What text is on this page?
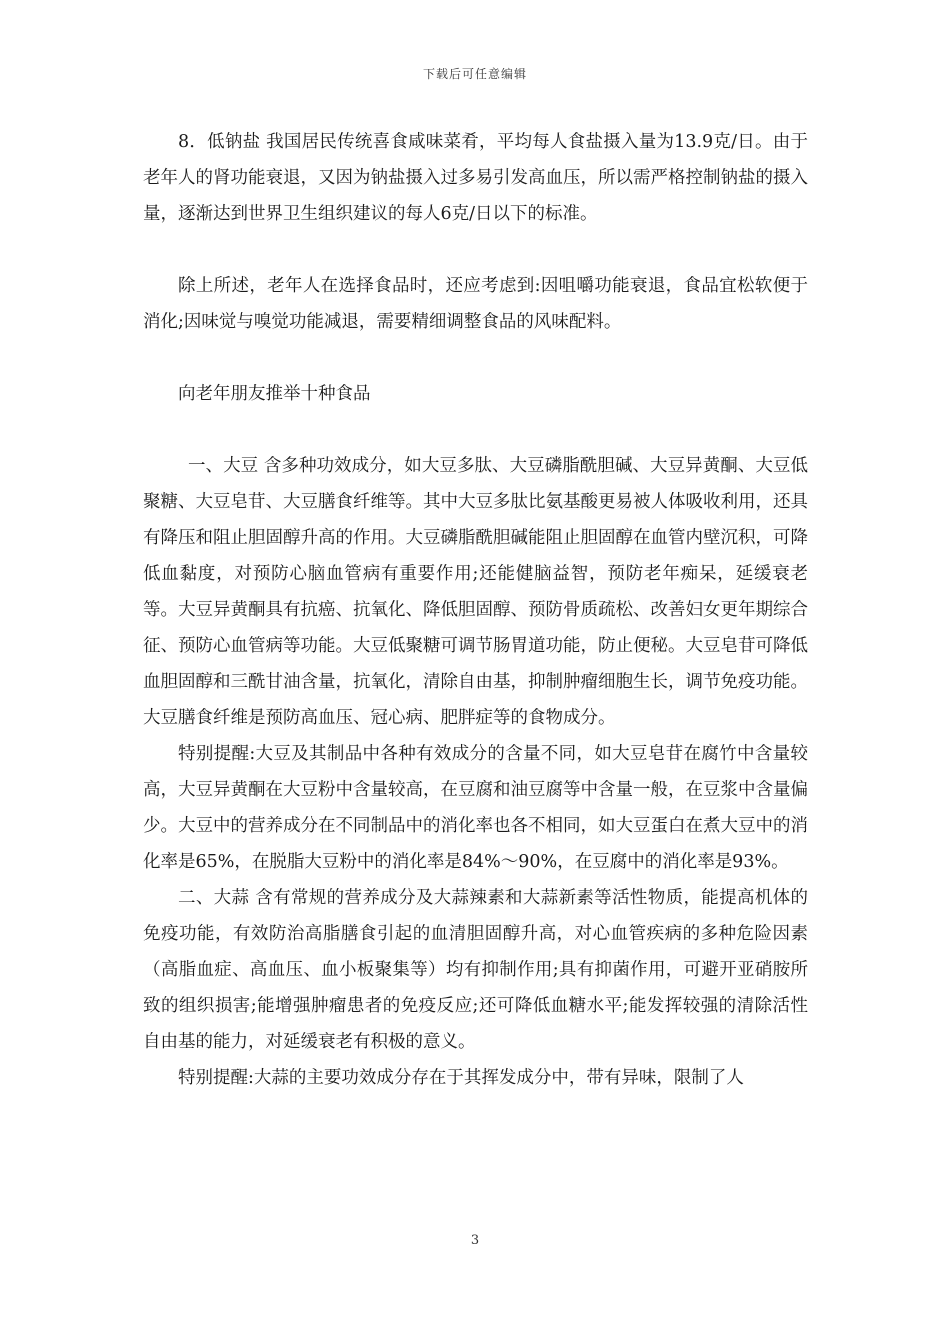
下载后可任意编辑

8．低钠盐 我国居民传统喜食咸味菜肴，平均每人食盐摄入量为13.9克/日。由于老年人的肾功能衰退，又因为钠盐摄入过多易引发高血压，所以需严格控制钠盐的摄入量，逐渐达到世界卫生组织建议的每人6克/日以下的标准。

除上所述，老年人在选择食品时，还应考虑到:因咀嚼功能衰退，食品宜松软便于消化;因味觉与嗅觉功能减退，需要精细调整食品的风味配料。

向老年朋友推举十种食品

一、大豆 含多种功效成分，如大豆多肽、大豆磷脂酰胆碱、大豆异黄酮、大豆低聚糖、大豆皂苷、大豆膳食纤维等。其中大豆多肽比氨基酸更易被人体吸收利用，还具有降压和阻止胆固醇升高的作用。大豆磷脂酰胆碱能阻止胆固醇在血管内壁沉积，可降低血黏度，对预防心脑血管病有重要作用;还能健脑益智，预防老年痴呆，延缓衰老等。大豆异黄酮具有抗癌、抗氧化、降低胆固醇、预防骨质疏松、改善妇女更年期综合征、预防心血管病等功能。大豆低聚糖可调节肠胃道功能，防止便秘。大豆皂苷可降低血胆固醇和三酰甘油含量，抗氧化，清除自由基，抑制肿瘤细胞生长，调节免疫功能。大豆膳食纤维是预防高血压、冠心病、肥胖症等的食物成分。

特别提醒:大豆及其制品中各种有效成分的含量不同，如大豆皂苷在腐竹中含量较高，大豆异黄酮在大豆粉中含量较高，在豆腐和油豆腐等中含量一般，在豆浆中含量偏少。大豆中的营养成分在不同制品中的消化率也各不相同，如大豆蛋白在煮大豆中的消化率是65%，在脱脂大豆粉中的消化率是84%～90%，在豆腐中的消化率是93%。

二、大蒜 含有常规的营养成分及大蒜辣素和大蒜新素等活性物质，能提高机体的免疫功能，有效防治高脂膳食引起的血清胆固醇升高，对心血管疾病的多种危险因素（高脂血症、高血压、血小板聚集等）均有抑制作用;具有抑菌作用，可避开亚硝胺所致的组织损害;能增强肿瘤患者的免疫反应;还可降低血糖水平;能发挥较强的清除活性自由基的能力，对延缓衰老有积极的意义。

特别提醒:大蒜的主要功效成分存在于其挥发成分中，带有异味，限制了人

3
